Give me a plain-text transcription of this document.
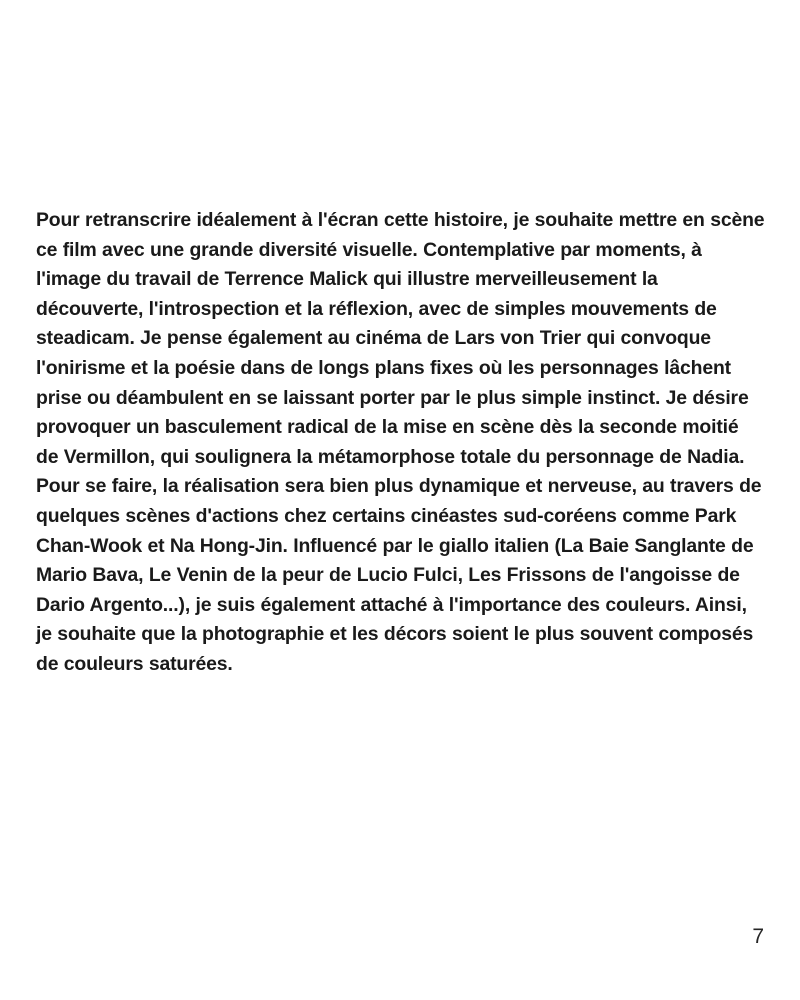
Pour retranscrire idéalement à l'écran cette histoire, je souhaite mettre en scène ce film avec une grande diversité visuelle. Contemplative par moments, à l'image du travail de Terrence Malick qui illustre merveilleusement la découverte, l'introspection et la réflexion, avec de simples mouvements de steadicam. Je pense également au cinéma de Lars von Trier qui convoque l'onirisme et la poésie dans de longs plans fixes où les personnages lâchent prise ou déambulent en se laissant porter par le plus simple instinct. Je désire provoquer un basculement radical de la mise en scène dès la seconde moitié de Vermillon, qui soulignera la métamorphose totale du personnage de Nadia. Pour se faire, la réalisation sera bien plus dynamique et nerveuse, au travers de quelques scènes d'actions chez certains cinéastes sud-coréens comme Park Chan-Wook et Na Hong-Jin. Influencé par le giallo italien (La Baie Sanglante de Mario Bava, Le Venin de la peur de Lucio Fulci, Les Frissons de l'angoisse de Dario Argento...), je suis également attaché à l'importance des couleurs. Ainsi, je souhaite que la photographie et les décors soient le plus souvent composés de couleurs saturées.

7
